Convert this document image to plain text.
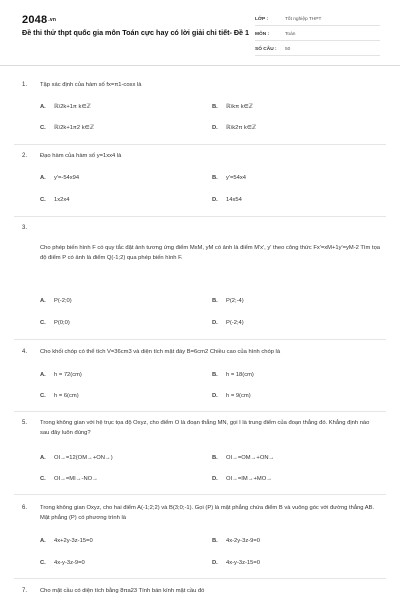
2048.vn
Đề thi thử thpt quốc gia môn Toán cực hay có lời giải chi tiết- Đề 1
LỚP :	Tốt nghiệp THPT
MÔN :	Toán
SỐ CÂU : 50
1. Tập xác định của hàm số fx=π1-cosx là
A. ℝ\2k+1π k∈ℤ	B. ℝ\kπ k∈ℤ
C. ℝ\2k+1π2 k∈ℤ	D. ℝ\k2π k∈ℤ
2. Đạo hàm của hàm số y=1xx4 là
A. y'=-54x94	B. y'=54x4
C. 1x2x4	D. 14x54
3.
Cho phép biến hình F có quy tắc đặt ảnh tương ứng điểm MxM, yM có ảnh là điểm M'x', y' theo công thức Fx'=xM+1y'=yM-2 Tìm tọa độ điểm P có ảnh là điểm Q(-1;2) qua phép biến hình F.
A. P(-2;0)	B. P(2;-4)
C. P(0;0)	D. P(-2;4)
4. Cho khối chóp có thể tích V=36cm3 và diện tích mặt đáy B=6cm2 Chiều cao của hình chóp là
A. h = 72(cm)	B. h = 18(cm)
C. h = 6(cm)	D. h = 9(cm)
5. Trong không gian với hệ trục tọa độ Oxyz, cho điểm O là đoạn thẳng MN, gọi I là trung điểm của đoạn thẳng đó. Khẳng định nào sau đây luôn đúng?
A. OI→=12(OM→+ON→)	B. OI→=OM→+ON→
C. OI→=MI→-NO→	D. OI→=IM→+MO→
6. Trong không gian Oxyz, cho hai điểm A(-1;2;2) và B(3;0;-1). Gọi (P) là mặt phẳng chứa điểm B và vuông góc với đường thẳng AB. Mặt phẳng (P) có phương trình là
A. 4x+2y-3z-15=0	B. 4x-2y-3z-9=0
C. 4x-y-3z-9=0	D. 4x-y-3z-15=0
7. Cho mặt cầu có diện tích bằng 8πa23 Tính bán kính mặt cầu đó
